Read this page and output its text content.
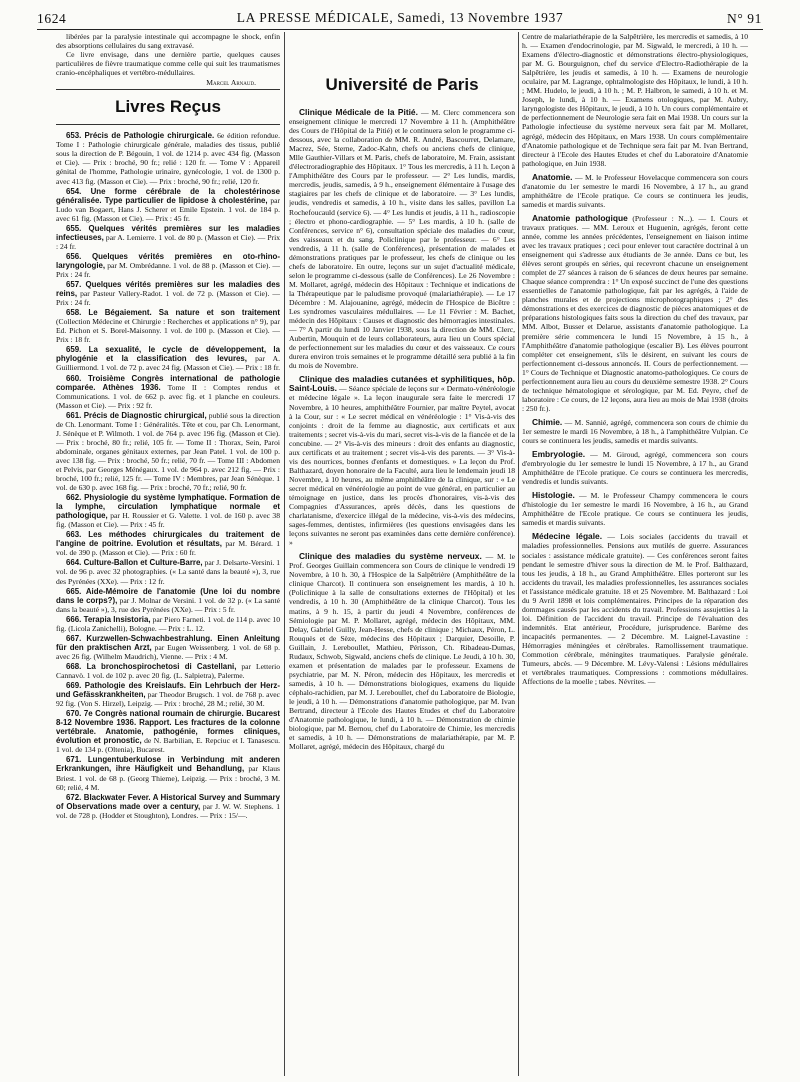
1624	LA PRESSE MÉDICALE, Samedi, 13 Novembre 1937	N° 91

libérées par la paralysie intestinale qui accompagne le shock, enfin des absorptions cellulaires du sang extravasé.

Ce livre envisage, dans une dernière partie, quelques causes particulières de fièvre traumatique comme celle qui suit les traumatismes cranio-encéphaliques et vertébro-médullaires.

Marcel Arnaud.

Livres Reçus

653. Précis de Pathologie chirurgicale. 6e édition refondue. Tome I : Pathologie chirurgicale générale, maladies des tissus, publié sous la direction de P. Bégouin, 1 vol. de 1214 p. avec 434 fig. (Masson et Cie). — Prix : broché, 90 fr.; relié : 120 fr. — Tome V : Appareil génital de l'homme, Pathologie urinaire, gynécologie, 1 vol. de 1300 p. avec 413 fig. (Masson et Cie). — Prix : broché, 90 fr.; relié, 120 fr.

654. Une forme cérébrale de la cholestérinose généralisée. Type particulier de lipidose à cholestérine, par Ludo van Bogaert, Hans J. Scherer et Emile Epstein. 1 vol. de 184 p. avec 61 fig. (Masson et Cie). — Prix : 45 fr.

655. Quelques vérités premières sur les maladies infectieuses, par A. Lemierre. 1 vol. de 80 p. (Masson et Cie). — Prix : 24 fr.

656. Quelques vérités premières en oto-rhino-laryngologie, par M. Ombrédanne. 1 vol. de 88 p. (Masson et Cie). — Prix : 24 fr.

657. Quelques vérités premières sur les maladies des reins, par Pasteur Vallery-Radot. 1 vol. de 72 p. (Masson et Cie). — Prix : 24 fr.

658. Le Bégaiement. Sa nature et son traitement (Collection Médecine et Chirurgie : Recherches et applications n° 9), par Ed. Pichon et S. Borel-Maisonny. 1 vol. de 100 p. (Masson et Cie). — Prix : 18 fr.

659. La sexualité, le cycle de développement, la phylogénie et la classification des levures, par A. Guilliermond. 1 vol. de 72 p. avec 24 fig. (Masson et Cie). — Prix : 18 fr.

660. Troisième Congrès international de pathologie comparée. Athènes 1936. Tome II : Comptes rendus et Communications. 1 vol. de 662 p. avec fig. et 1 planche en couleurs. (Masson et Cie). — Prix : 92 fr.

661. Précis de Diagnostic chirurgical, publié sous la direction de Ch. Lenormant. Tome I : Généralités. Tête et cou, par Ch. Lenormant, J. Sénèque et P. Wilmoth. 1 vol. de 764 p. avec 196 fig. (Masson et Cie). — Prix : broché, 80 fr.; relié, 105 fr. — Tome II : Thorax, Sein, Paroi abdominale, organes génitaux externes, par Jean Patel. 1 vol. de 100 p. avec 138 fig. — Prix : broché, 50 fr.; relié, 70 fr. — Tome III : Abdomen et Pelvis, par Georges Ménégaux. 1 vol. de 964 p. avec 212 fig. — Prix : broché, 100 fr.; relié, 125 fr. — Tome IV : Membres, par Jean Sénèque. 1 vol. de 630 p. avec 168 fig. — Prix : broché, 70 fr.; relié, 90 fr.

662. Physiologie du système lymphatique. Formation de la lymphe, circulation lymphatique normale et pathologique, par H. Roussier et G. Valette. 1 vol. de 160 p. avec 38 fig. (Masson et Cie). — Prix : 45 fr.

663. Les méthodes chirurgicales du traitement de l'angine de poitrine. Evolution et résultats, par M. Bérard. 1 vol. de 390 p. (Masson et Cie). — Prix : 60 fr.

664. Culture-Ballon et Culture-Barre, par J. Delsarte-Versini. 1 vol. de 96 p. avec 32 photographies. (« La santé dans la beauté »), 3, rue des Pyrénées (XXe). — Prix : 12 fr.

665. Aide-Mémoire de l'anatomie (Une loi du nombre dans le corps?), par J. Molnar de Versini. 1 vol. de 32 p. (« La santé dans la beauté »), 3, rue des Pyrénées (XXe). — Prix : 5 fr.

666. Terapia Insistoria, par Piero Farneti. 1 vol. de 114 p. avec 10 fig. (Licola Zanichelli), Bologne. — Prix : L. 12.

667. Kurzwellen-Schwachbestrahlung. Einen Anleitung für den praktischen Arzt, par Eugen Weissenberg. 1 vol. de 68 p. avec 26 fig. (Wilhelm Maudrich), Vienne. — Prix : 4 M.

668. La bronchospirochetosi di Castellani, par Letterio Cannavò. 1 vol. de 102 p. avec 20 fig. (L. Salpietra), Palerme.

669. Pathologie des Kreislaufs. Ein Lehrbuch der Herz- und Gefässkrankheiten, par Theodor Brugsch. 1 vol. de 768 p. avec 92 fig. (Von S. Hirzel), Leipzig. — Prix : broché, 28 M.; relié, 30 M.

670. 7e Congrès national roumain de chirurgie. Bucarest 8-12 Novembre 1936. Rapport. Les fractures de la colonne vertébrale. Anatomie, pathogénie, formes cliniques, évolution et pronostic, de N. Barbilian, E. Repciuc et I. Tanasescu. 1 vol. de 134 p. (Oltenia), Bucarest.

671. Lungentuberkulose in Verbindung mit anderen Erkrankungen, ihre Häufigkeit und Behandlung, par Klaus Briest. 1 vol. de 68 p. (Georg Thieme), Leipzig. — Prix : broché, 3 M. 60; relié, 4 M.

672. Blackwater Fever. A Historical Survey and Summary of Observations made over a century, par J. W. W. Stephens. 1 vol. de 728 p. (Hodder et Stoughton), Londres. — Prix : 15/—.

Université de Paris

Clinique Médicale de la Pitié. — M. Clerc commencera son enseignement clinique le mercredi 17 Novembre à 11 h. (Amphithéâtre des Cours de l'Hôpital de la Pitié) et le continuera selon le programme ci-dessous, avec la collaboration de MM. R. André, Bascourret, Delamare, Macrez, Sée, Sterne, Zadoc-Kahn, chefs ou anciens chefs de clinique, Mlle Gauthier-Villars et M. Paris, chefs de laboratoire, M. Frain, assistant d'électroradiographie des Hôpitaux. 1° Tous les mercredis, à 11 h. Leçon à l'Amphithéâtre des Cours par le professeur. — 2° Les lundis, mardis, mercredis, jeudis, samedis, à 9 h., enseignement élémentaire à l'usage des stagiaires par les chefs de clinique et de laboratoire. — 3° Les lundis, jeudis, vendredis et samedis, à 10 h., visite dans les salles, pavillon La Rochefoucauld (service 6). — 4° Les lundis et jeudis, à 11 h., radioscopie ; électro et phono-cardiographie. — 5° Les mardis, à 10 h. (salle de Conférences, service n° 6), consultation spéciale des maladies du cœur, des vaisseaux et du sang. Policlinique par le professeur. — 6° Les vendredis, à 11 h. (salle de Conférences), présentation de malades et démonstrations pratiques par le professeur, les chefs de clinique ou les chefs de laboratoire. En outre, leçons sur un sujet d'actualité médicale, selon le programme ci-dessous (salle de Conférences). Le 26 Novembre : M. Mollaret, agrégé, médecin des Hôpitaux : Technique et indications de la Thérapeutique par le paludisme provoqué (malariathérapie). — Le 17 Décembre : M. Alajouanine, agrégé, médecin de l'Hospice de Bicêtre : Les syndromes vasculaires médullaires. — Le 11 Février : M. Bachet, médecin des Hôpitaux : Causes et diagnostic des hémorragies intestinales. — 7° A partir du lundi 10 Janvier 1938, sous la direction de MM. Clerc, Aubertin, Mouquin et de leurs collaborateurs, aura lieu un Cours spécial de perfectionnement sur les maladies du cœur et des vaisseaux. Ce cours durera environ trois semaines et le programme détaillé sera publié à la fin du mois de Novembre.

Clinique des maladies cutanées et syphilitiques, hôp. Saint-Louis. — Séance spéciale de leçons sur « Dermato-vénéréologie et médecine légale ». La leçon inaugurale sera faite le mercredi 17 Novembre, à 10 heures, amphithéâtre Fournier, par maître Peytel, avocat à la Cour, sur : « Le secret médical en vénéréologie : 1° Vis-à-vis des conjoints : droit de la femme au diagnostic, aux certificats et aux traitements ; secret vis-à-vis du mari, secret vis-à-vis de la fiancée et de la concubine. — 2° Vis-à-vis des mineurs : droit des enfants au diagnostic, aux certificats et au traitement ; secret vis-à-vis des parents. — 3° Vis-à-vis des nourrices, bonnes d'enfants et domestiques. » La leçon du Prof. Balthazard, doyen honoraire de la Faculté, aura lieu le lendemain jeudi 18 Novembre, à 10 heures, au même amphithéâtre de la clinique, sur : « Le secret médical en vénéréologie au point de vue général, en particulier au témoignage en justice, dans les procès d'honoraires, vis-à-vis des Compagnies d'Assurances, après décès, dans les questions de charlatanisme, d'exercice illégal de la médecine, vis-à-vis des médecins, sages-femmes, dentistes, infirmières (les questions envisagées dans les leçons suivantes ne seront pas examinées dans cette dernière conférence). »

Clinique des maladies du système nerveux. — M. le Prof. Georges Guillain commencera son Cours de clinique le vendredi 19 Novembre, à 10 h. 30, à l'Hospice de la Salpêtrière (Amphithéâtre de la clinique Charcot). Il continuera son enseignement les mardis, à 10 h. (Policlinique à la salle de consultations externes de l'Hôpital) et les vendredis, à 10 h. 30 (Amphithéâtre de la clinique Charcot). Tous les matins, à 9 h. 15, à partir du jeudi 4 Novembre, conférences de Sémiologie par M. P. Mollaret, agrégé, médecin des Hôpitaux, MM. Delay, Gabriel Guilly, Jean-Hesse, chefs de clinique ; Michaux, Péron, L. Rouquès et de Sèze, médecins des Hôpitaux ; Darquier, Desoille, P. Guillain, J. Lereboullet, Mathieu, Périsson, Ch. Ribadeau-Dumas, Rudaux, Schwob, Sigwald, anciens chefs de clinique. Le Jeudi, à 10 h. 30, examen et présentation de malades par le professeur. Examens de psychiatrie, par M. N. Péron, médecin des Hôpitaux, les mercredis et samedis, à 10 h. — Démonstrations biologiques, examens du liquide céphalo-rachidien, par M. J. Lereboullet, chef du Laboratoire de Biologie, le jeudi, à 10 h. — Démonstrations d'anatomie pathologique, par M. Ivan Bertrand, directeur à l'Ecole des Hautes Etudes et chef du Laboratoire d'Anatomie pathologique, le lundi, à 10 h. — Démonstration de chimie biologique, par M. Bernou, chef du Laboratoire de Chimie, les mercredis et samedis, à 10 h. — Démonstrations de malariathérapie, par M. P. Mollaret, agrégé, médecin des Hôpitaux, chargé du

Centre de malariathérapie de la Salpêtrière, les mercredis et samedis, à 10 h. — Examen d'endocrinologie, par M. Sigwald, le mercredi, à 10 h. — Examens d'électro-diagnostic et démonstrations électro-physiologiques, par M. G. Bourguignon, chef du service d'Electro-Radiothérapie de la Salpêtrière, les jeudis et samedis, à 10 h. — Examens de neurologie oculaire, par M. Lagrange, ophtalmologiste des Hôpitaux, le lundi, à 10 h. ; MM. Hudelo, le jeudi, à 10 h. ; M. P. Halbron, le samedi, à 10 h. et M. Joseph, le lundi, à 10 h. — Examens otologiques, par M. Aubry, laryngologiste des Hôpitaux, le jeudi, à 10 h. Un cours complémentaire et de perfectionnement de Neurologie sera fait en Mai 1938. Un cours sur la Pathologie infectieuse du système nerveux sera fait par M. Mollaret, agrégé, médecin des Hôpitaux, en Mars 1938. Un cours complémentaire d'Anatomie pathologique et de Technique sera fait par M. Ivan Bertrand, directeur à l'Ecole des Hautes Etudes et chef du Laboratoire d'Anatomie pathologique, en Juin 1938.

Anatomie. — M. le Professeur Hovelacque commencera son cours d'anatomie du 1er semestre le mardi 16 Novembre, à 17 h., au grand amphithéâtre de l'Ecole pratique. Ce cours se continuera les jeudis, samedis et mardis suivants.

Anatomie pathologique (Professeur : N...). — I. Cours et travaux pratiques. — MM. Leroux et Huguenin, agrégés, feront cette année, comme les années précédentes, l'enseignement en liaison intime avec les travaux pratiques ; ceci pour enlever tout caractère doctrinal à un enseignement qui s'adresse aux étudiants de 3e année. Dans ce but, les élèves seront groupés en séries, qui recevront chacune un enseignement complet de 27 séances à raison de 6 séances de deux heures par semaine. Chaque séance comprendra : 1° Un exposé succinct de l'une des questions essentielles de l'anatomie pathologique, fait par les agrégés, à l'aide de planches murales et de projections microphotographiques ; 2° des démonstrations et des exercices de diagnostic de pièces anatomiques et de préparations histologiques faits sous la direction du chef des travaux, par MM. Albot, Busser et Delarue, assistants d'anatomie pathologique. La première série commencera le lundi 15 Novembre, à 15 h., à l'Amphithéâtre d'anatomie pathologique (escalier B). Les élèves pourront compléter cet enseignement, s'ils le désirent, en suivant les cours de perfectionnement ci-dessous annoncés. II. Cours de perfectionnement. — 1° Cours de Technique et Diagnostic anatomo-pathologiques. Ce cours de perfectionnement aura lieu au cours du deuxième semestre 1938. 2° Cours de technique hématologique et sérologique, par M. Ed. Peyre, chef de laboratoire : Ce cours, de 12 leçons, aura lieu au mois de Mai 1938 (droits : 250 fr.).

Chimie. — M. Sannié, agrégé, commencera son cours de chimie du 1er semestre le mardi 16 Novembre, à 18 h., à l'amphithéâtre Vulpian. Ce cours se continuera les jeudis, samedis et mardis suivants.

Embryologie. — M. Giroud, agrégé, commencera son cours d'embryologie du 1er semestre le lundi 15 Novembre, à 17 h., au Grand Amphithéâtre de l'Ecole pratique. Ce cours se continuera les mercredis, vendredis et lundis suivants.

Histologie. — M. le Professeur Champy commencera le cours d'histologie du 1er semestre le mardi 16 Novembre, à 16 h., au Grand Amphithéâtre de l'Ecole pratique. Ce cours se continuera les jeudis, samedis et mardis suivants.

Médecine légale. — Lois sociales (accidents du travail et maladies professionnelles. Pensions aux mutilés de guerre. Assurances sociales : assistance médicale gratuite). — Ces conférences seront faites pendant le semestre d'hiver sous la direction de M. le Prof. Balthazard, tous les jeudis, à 18 h., au Grand Amphithéâtre. Elles porteront sur les accidents du travail, les maladies professionnelles, les assurances sociales et l'assistance médicale gratuite. 18 et 25 Novembre. M. Balthazard : Loi du 9 Avril 1898 et lois complémentaires. Principes de la réparation des dommages causés par les accidents du travail. Professions assujetties à la loi. Définition de l'accident du travail. Principe de l'évaluation des indemnités. Etat antérieur, Procédure, jurisprudence. Barème des incapacités permanentes. — 2 Décembre. M. Laignel-Lavastine : Hémorragies méningées et cérébrales. Ramollissement traumatique. Commotion cérébrale, méningites traumatiques. Paralysie générale. Tumeurs, abcès. — 9 Décembre. M. Lévy-Valensi : Lésions médullaires et vertébrales traumatiques. Compressions : commotions médullaires. Affections de la moelle ; tabes. Névrites. —
